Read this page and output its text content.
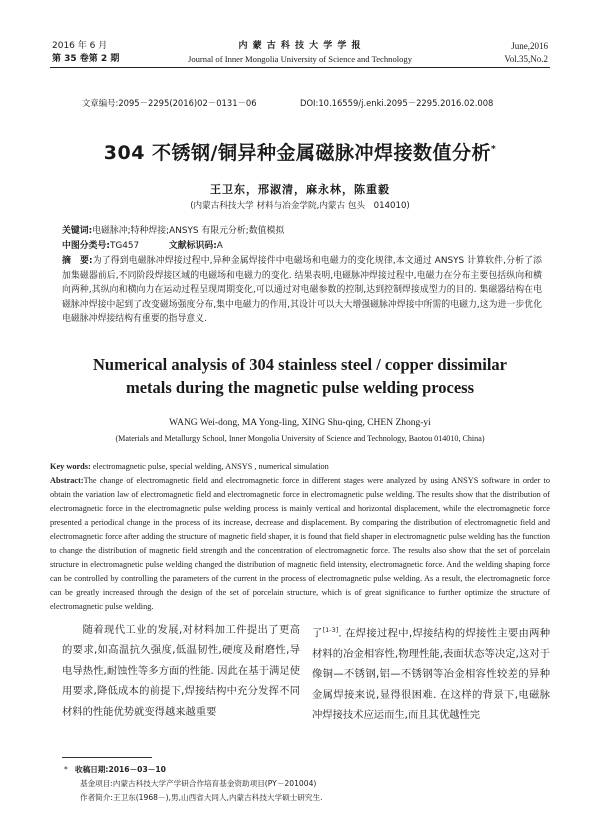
2016 年 6 月
第 35 卷第 2 期
内 蒙 古 科 技 大 学 学 报
Journal of Inner Mongolia University of Science and Technology
June,2016
Vol.35,No.2
文章编号:2095－2295(2016)02－0131－06	DOI:10.16559/j.enki.2095－2295.2016.02.008
304 不锈钢/铜异种金属磁脉冲焊接数值分析*
王卫东，邢淑清，麻永林，陈重毅
(内蒙古科技大学 材料与冶金学院,内蒙古 包头　014010)
关键词:电磁脉冲;特种焊接;ANSYS 有限元分析;数值模拟
中图分类号:TG457	文献标识码:A
摘　要:为了得到电磁脉冲焊接过程中,异种金属焊接件中电磁场和电磁力的变化规律,本文通过 ANSYS 计算软件,分析了添加集磁器前后,不同阶段焊接区域的电磁场和电磁力的变化. 结果表明,电磁脉冲焊接过程中,电磁力在分布主要包括纵向和横向两种,其纵向和横向力在运动过程呈现周期变化,可以通过对电磁参数的控制,达到控制焊接成型力的目的. 集磁器结构在电磁脉冲焊接中起到了改变磁场强度分布,集中电磁力的作用,其设计可以大大增强磁脉冲焊接中所需的电磁力,这为进一步优化电磁脉冲焊接结构有重要的指导意义.
Numerical analysis of 304 stainless steel / copper dissimilar
metals during the magnetic pulse welding process
WANG Wei-dong, MA Yong-ling, XING Shu-qing, CHEN Zhong-yi
(Materials and Metallurgy School, Inner Mongolia University of Science and Technology, Baotou 014010, China)
Key words: electromagnetic pulse, special welding, ANSYS , numerical simulation
Abstract:The change of electromagnetic field and electromagnetic force in different stages were analyzed by using ANSYS software in order to obtain the variation law of electromagnetic field and electromagnetic force in electromagnetic pulse welding. The results show that the distribution of electromagnetic force in the electromagnetic pulse welding process is mainly vertical and horizontal displacement, while the electromagnetic force presented a periodical change in the process of its increase, decrease and displacement. By comparing the distribution of electromagnetic field and electromagnetic force after adding the structure of magnetic field shaper, it is found that field shaper in electromagnetic pulse welding has the function to change the distribution of magnetic field strength and the concentration of electromagnetic force. The results also show that the set of porcelain structure in electromagnetic pulse welding changed the distribution of magnetic field intensity, electromagnetic force. And the welding shaping force can be controlled by controlling the parameters of the current in the process of electromagnetic pulse welding. As a result, the electromagnetic force can be greatly increased through the design of the set of porcelain structure, which is of great significance to further optimize the structure of electromagnetic pulse welding.
随着现代工业的发展,对材料加工件提出了更高的要求,如高温抗久强度,低温韧性,硬度及耐磨性,导电导热性,耐蚀性等多方面的性能. 因此在基于满足使用要求,降低成本的前提下,焊接结构中充分发挥不同材料的性能优势就变得越来越重要
了[1-3]. 在焊接过程中,焊接结构的焊接性主要由两种材料的冶金相容性,物理性能,表面状态等决定,这对于像铜—不锈钢,铝—不锈钢等冶金相容性较差的异种金属焊接来说,显得很困难. 在这样的背景下,电磁脉冲焊接技术应运而生,而且其优越性完
* 收稿日期:2016－03－10
基金项目:内蒙古科技大学产学研合作培育基金资助项目(PY－201004)
作者简介:王卫东(1968－),男,山西省大同人,内蒙古科技大学硕士研究生.
